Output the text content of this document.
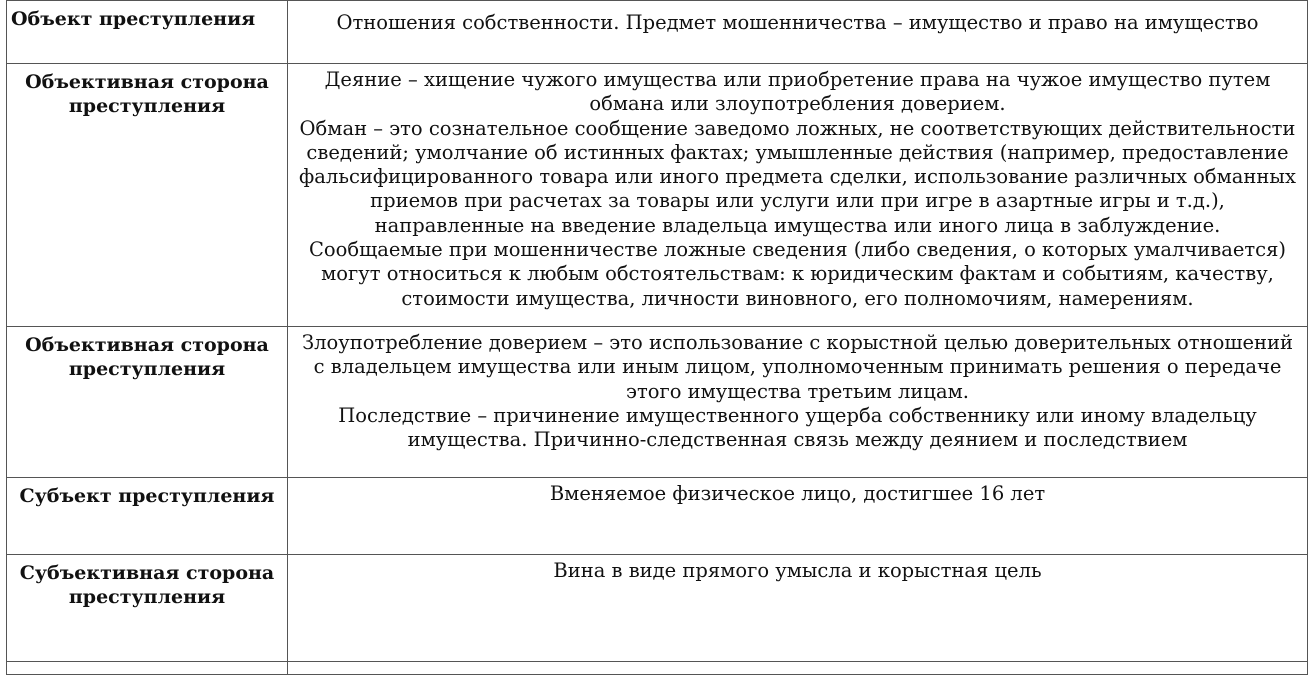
Объект преступления	Отношения собственности. Предмет мошенничества – имущество и право на имущество

Объективная сторона преступления	Деяние – хищение чужого имущества или приобретение права на чужое имущество путем обмана или злоупотребления доверием.
Обман – это сознательное сообщение заведомо ложных, не соответствующих действительности сведений; умолчание об истинных фактах; умышленные действия (например, предоставление фальсифицированного товара или иного предмета сделки, использование различных обманных приемов при расчетах за товары или услуги или при игре в азартные игры и т.д.), направленные на введение владельца имущества или иного лица в заблуждение.
Сообщаемые при мошенничестве ложные сведения (либо сведения, о которых умалчивается) могут относиться к любым обстоятельствам: к юридическим фактам и событиям, качеству, стоимости имущества, личности виновного, его полномочиям, намерениям.

Объективная сторона преступления	Злоупотребление доверием – это использование с корыстной целью доверительных отношений с владельцем имущества или иным лицом, уполномоченным принимать решения о передаче этого имущества третьим лицам.
Последствие – причинение имущественного ущерба собственнику или иному владельцу имущества. Причинно-следственная связь между деянием и последствием

Субъект преступления	Вменяемое физическое лицо, достигшее 16 лет

Субъективная сторона преступления	Вина в виде прямого умысла и корыстная цель
